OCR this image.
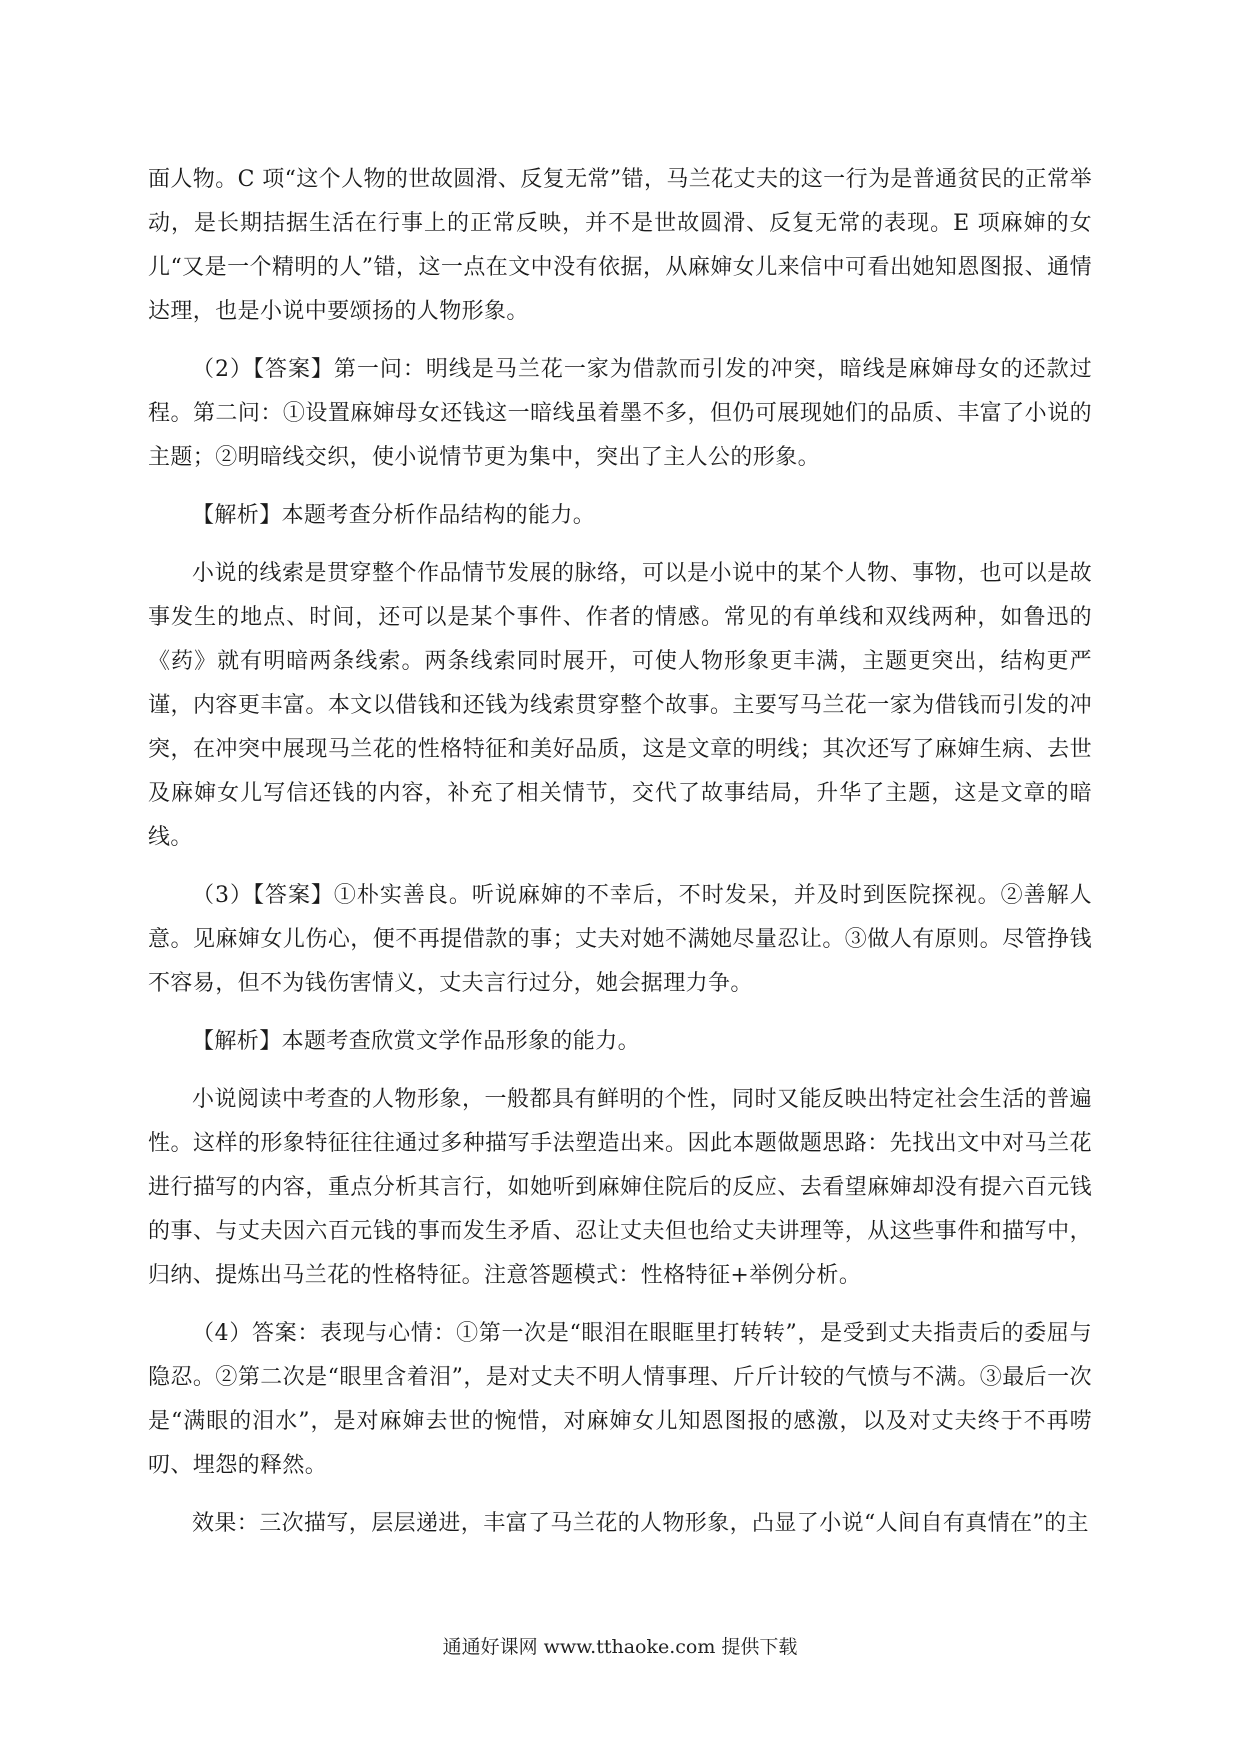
面人物。C 项“这个人物的世故圆滑、反复无常”错，马兰花丈夫的这一行为是普通贫民的正常举动，是长期拮据生活在行事上的正常反映，并不是世故圆滑、反复无常的表现。E 项麻婶的女儿“又是一个精明的人”错，这一点在文中没有依据，从麻婶女儿来信中可看出她知恩图报、通情达理，也是小说中要颂扬的人物形象。

（2）【答案】第一问：明线是马兰花一家为借款而引发的冲突，暗线是麻婶母女的还款过程。第二问：①设置麻婶母女还钱这一暗线虽着墨不多，但仍可展现她们的品质、丰富了小说的主题；②明暗线交织，使小说情节更为集中，突出了主人公的形象。

【解析】本题考查分析作品结构的能力。

小说的线索是贯穿整个作品情节发展的脉络，可以是小说中的某个人物、事物，也可以是故事发生的地点、时间，还可以是某个事件、作者的情感。常见的有单线和双线两种，如鲁迅的《药》就有明暗两条线索。两条线索同时展开，可使人物形象更丰满，主题更突出，结构更严谨，内容更丰富。本文以借钱和还钱为线索贯穿整个故事。主要写马兰花一家为借钱而引发的冲突，在冲突中展现马兰花的性格特征和美好品质，这是文章的明线；其次还写了麻婶生病、去世及麻婶女儿写信还钱的内容，补充了相关情节，交代了故事结局，升华了主题，这是文章的暗线。

（3）【答案】①朴实善良。听说麻婶的不幸后，不时发呆，并及时到医院探视。②善解人意。见麻婶女儿伤心，便不再提借款的事；丈夫对她不满她尽量忍让。③做人有原则。尽管挣钱不容易，但不为钱伤害情义，丈夫言行过分，她会据理力争。

【解析】本题考查欣赏文学作品形象的能力。

小说阅读中考查的人物形象，一般都具有鲜明的个性，同时又能反映出特定社会生活的普遍性。这样的形象特征往往通过多种描写手法塑造出来。因此本题做题思路：先找出文中对马兰花进行描写的内容，重点分析其言行，如她听到麻婶住院后的反应、去看望麻婶却没有提六百元钱的事、与丈夫因六百元钱的事而发生矛盾、忍让丈夫但也给丈夫讲理等，从这些事件和描写中，归纳、提炼出马兰花的性格特征。注意答题模式：性格特征+举例分析。

（4）答案：表现与心情：①第一次是“眼泪在眼眶里打转转”，是受到丈夫指责后的委屈与隐忍。②第二次是“眼里含着泪”，是对丈夫不明人情事理、斤斤计较的气愤与不满。③最后一次是“满眼的泪水”，是对麻婶去世的惋惜，对麻婶女儿知恩图报的感激，以及对丈夫终于不再唠叨、埋怨的释然。

效果：三次描写，层层递进，丰富了马兰花的人物形象，凸显了小说“人间自有真情在”的主

通通好课网 www.tthaoke.com 提供下载
